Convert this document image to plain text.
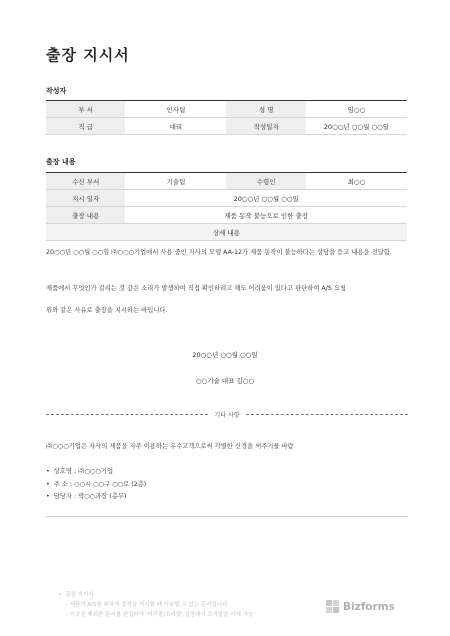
출장 지시서
작성자
부 서	인사팀	성 명	임○○
직 급	대리	작성일자	20○○년 ○○월 ○○일
출장 내용
수신 부서	기술팀	수령인	최○○
지시 일자	20○○년 ○○월 ○○일		
출장 내용	제품 동작 불능으로 인한 출장		
상세 내용			
20○○년 ○○월 ○○일 ㈜○○○기업에서 사용 중인 자사의 모델 AA-12가 제품 동작이 불능하다는 상담을 듣고 내용을 전달함.
제품에서 무엇인가 걸리는 것 같은 소리가 발생하여 직접 확인하려고 해도 어려움이 있다고 판단하여 A/S 요청
위와 같은 사유로 출장을 지시하는 바입니다.
20○○년 ○○월 ○○일
○○기술 대표 김○○
기타 사항
㈜○○○기업은 자사의 제품을 자주 이용하는 우수고객으로써 각별한 신경을 써주기를 바람
• 상호명 : ㈜○○○기업
• 주 소 : ○○시 ○○구 ○○로 (2층)
• 담당자 : 박○○과장 (총무)
• 출장 지시서
- 제품의 A/S를 위하여 출장을 지시할 때 사용할 수 있는 문서입니다.
- 이곳을 제외한 문서를 편집하여 '머리말/꼬리말' 설정에서 꼬리말을 삭제 가능
Bizforms
